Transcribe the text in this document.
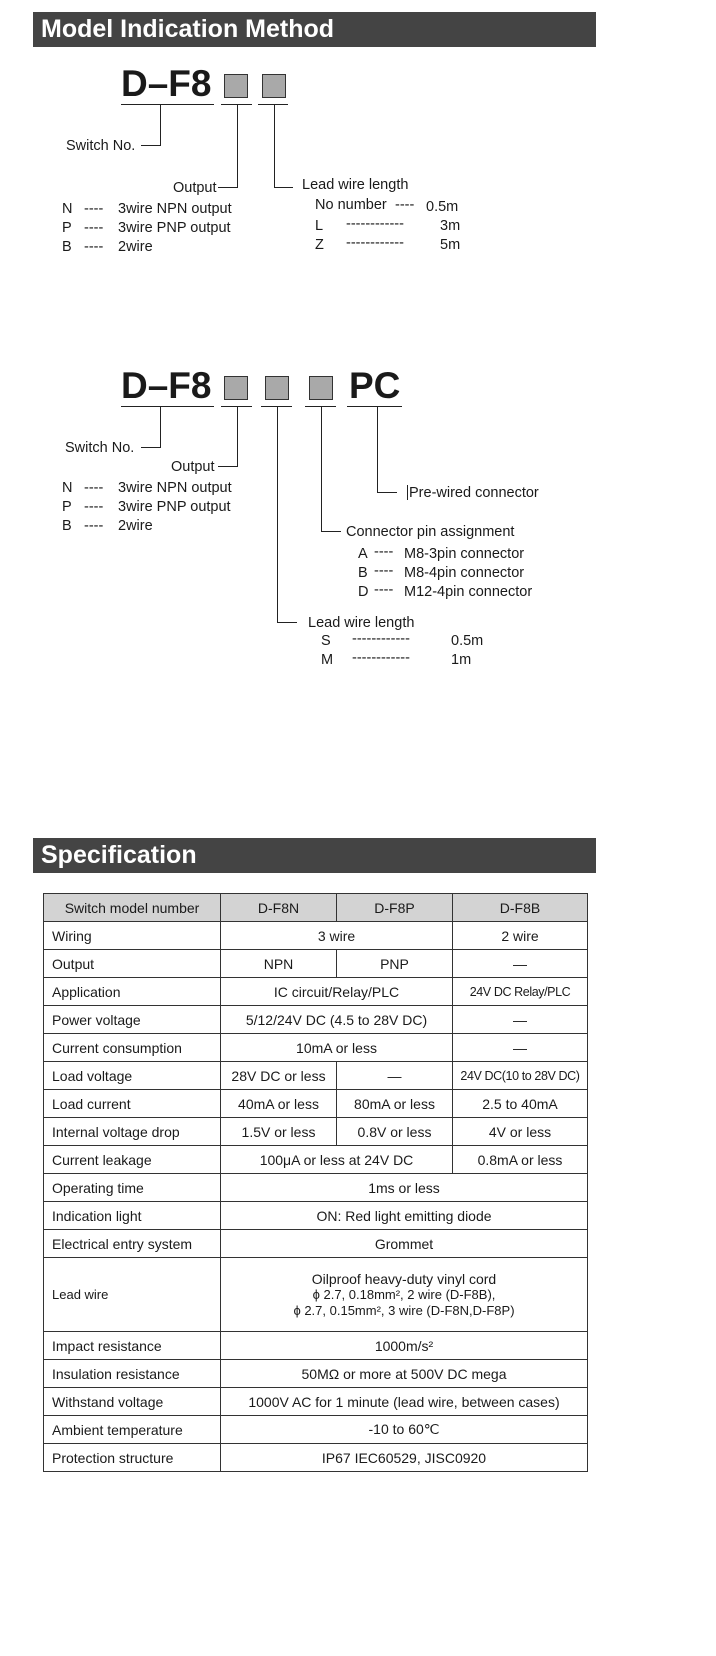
Model Indication Method
D–F8
Switch No.
Output
N ---- 3wire NPN output
P ---- 3wire PNP output
B ---- 2wire
Lead wire length
No number ---- 0.5m
L ------------ 3m
Z ------------ 5m
D–F8	PC
Switch No.
Output
N ---- 3wire NPN output
P ---- 3wire PNP output
B ---- 2wire
Pre-wired connector
Connector pin assignment
A ---- M8-3pin connector
B ---- M8-4pin connector
D ---- M12-4pin connector
Lead wire length
S ------------	0.5m
M ------------	1m
Specification
Switch model number	D-F8N	D-F8P	D-F8B
Wiring	3 wire		2 wire
Output	NPN	PNP	—
Application	IC circuit/Relay/PLC		24V DC Relay/PLC
Power voltage	5/12/24V DC (4.5 to 28V DC)		—
Current consumption	10mA or less		—
Load voltage	28V DC or less	—	24V DC(10 to 28V DC)
Load current	40mA or less	80mA or less	2.5 to 40mA
Internal voltage drop	1.5V or less	0.8V or less	4V or less
Current leakage	100μA or less at 24V DC		0.8mA or less
Operating time	1ms or less		
Indication light	ON: Red light emitting diode		
Electrical entry system	Grommet		
Lead wire	Oilproof heavy-duty vinyl cord
ϕ 2.7, 0.18mm², 2 wire (D-F8B),
ϕ 2.7, 0.15mm², 3 wire (D-F8N,D-F8P)		

Impact resistance	1000m/s²		
Insulation resistance	50MΩ or more at 500V DC mega		
Withstand voltage	1000V AC for 1 minute (lead wire, between cases)		
Ambient temperature	-10 to 60℃		
Protection structure	IP67 IEC60529, JISC0920		
